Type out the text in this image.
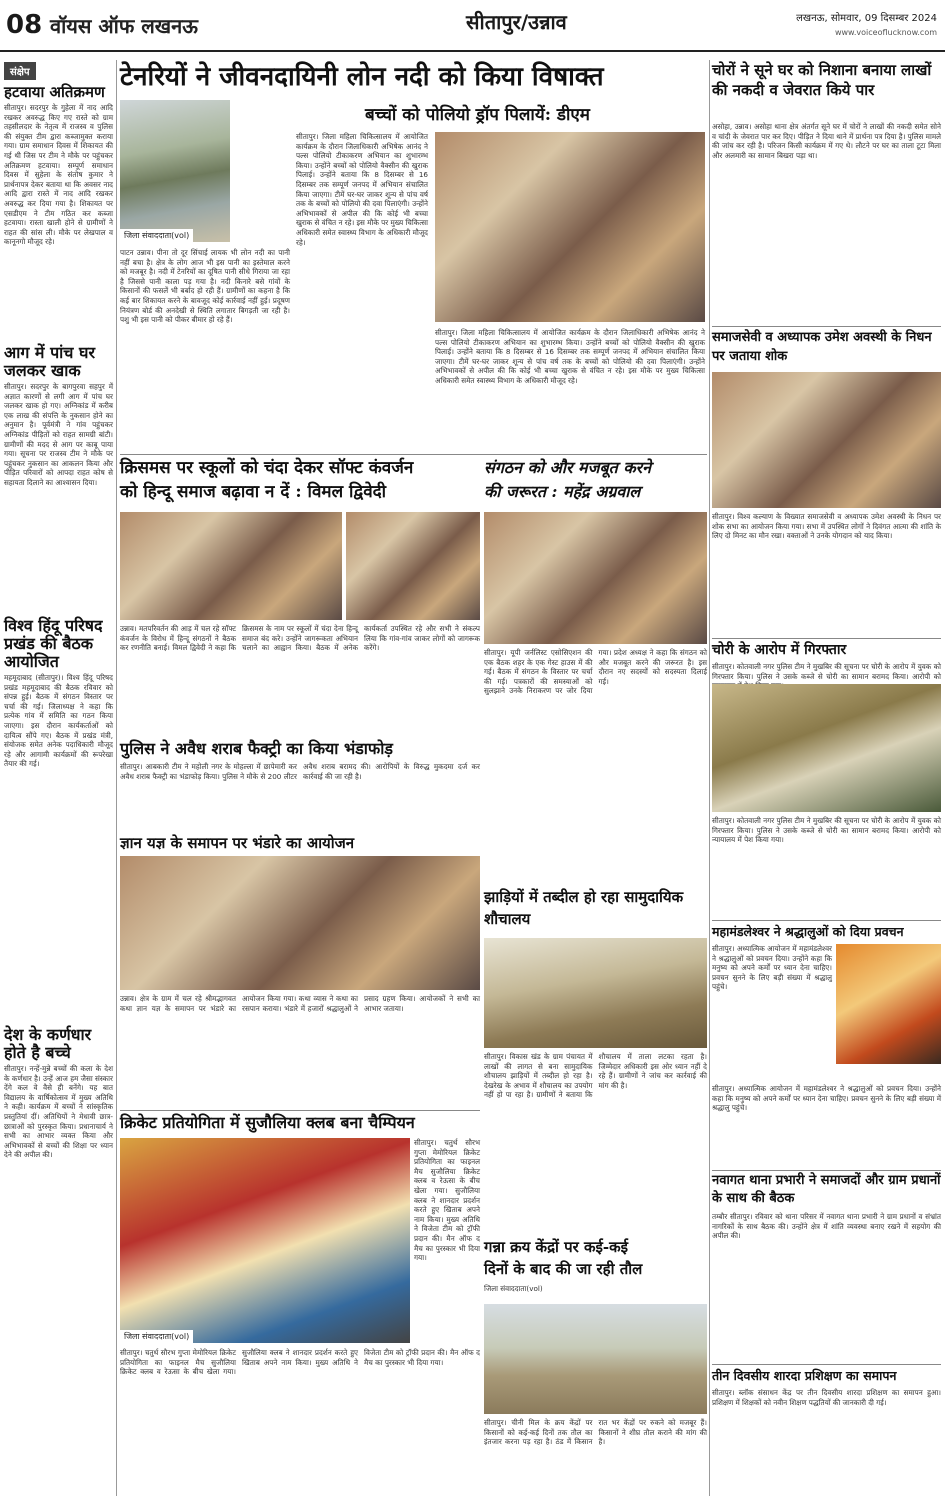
08 वॉयस ऑफ लखनऊ	सीतापुर/उन्नाव	लखनऊ, सोमवार, 09 दिसम्बर 2024
www.voiceoflucknow.com
संक्षेप
हटवाया अतिक्रमण
सीतापुर। सदरपुर के गुहेला में नाद आदि रखकर अवरुद्ध किए गए रास्ते को ग्राम तहसीलदार के नेतृत्व में राजस्व व पुलिस की संयुक्त टीम द्वारा कब्जामुक्त कराया गया। ग्राम समाधान दिवस में शिकायत की गई थी जिस पर टीम ने मौके पर पहुंचकर अतिक्रमण हटवाया। सम्पूर्ण समाधान दिवस में सुहेला के संतोष कुमार ने प्रार्थनापत्र देकर बताया था कि अवसर नाद आदि द्वारा रास्ते में नाद आदि रखकर अवरुद्ध कर दिया गया है। शिकायत पर एसडीएम ने टीम गठित कर कब्जा हटवाया। रास्ता खाली होने से ग्रामीणों ने राहत की सांस ली। मौके पर लेखपाल व कानूनगो मौजूद रहे।
आग में पांच घर जलकर खाक
सीतापुर। सदरपुर के बागपुरवा सहपुर में अज्ञात कारणों से लगी आग में पांच घर जलकर खाक हो गए। अग्निकांड में करीब एक लाख की संपत्ति के नुकसान होने का अनुमान है। पूर्वमंत्री ने गांव पहुंचकर अग्निकांड पीड़ितों को राहत सामग्री बांटी। ग्रामीणों की मदद से आग पर काबू पाया गया। सूचना पर राजस्व टीम ने मौके पर पहुंचकर नुकसान का आकलन किया और पीड़ित परिवारों को आपदा राहत कोष से सहायता दिलाने का आश्वासन दिया।
विश्व हिंदू परिषद प्रखंड की बैठक आयोजित
महमूदाबाद (सीतापुर)। विश्व हिंदू परिषद प्रखंड महमूदाबाद की बैठक रविवार को संपन्न हुई। बैठक में संगठन विस्तार पर चर्चा की गई। जिलाध्यक्ष ने कहा कि प्रत्येक गांव में समिति का गठन किया जाएगा। इस दौरान कार्यकर्ताओं को दायित्व सौंपे गए। बैठक में प्रखंड मंत्री, संयोजक समेत अनेक पदाधिकारी मौजूद रहे और आगामी कार्यक्रमों की रूपरेखा तैयार की गई।
देश के कर्णधार होते है बच्चे
सीतापुर। नन्हें-मुन्ने बच्चों की कला के देश के कर्णधार है। उन्हें आज हम जैसा संस्कार देंगे कल वे वैसे ही बनेंगे। यह बात विद्यालय के वार्षिकोत्सव में मुख्य अतिथि ने कही। कार्यक्रम में बच्चों ने सांस्कृतिक प्रस्तुतियां दीं। अतिथियों ने मेधावी छात्र-छात्राओं को पुरस्कृत किया। प्रधानाचार्य ने सभी का आभार व्यक्त किया और अभिभावकों से बच्चों की शिक्षा पर ध्यान देने की अपील की।
टेनरियों ने जीवनदायिनी लोन नदी को किया विषाक्त
जिला संवाददाता(vol)
पाटन उन्नाव। पीना तो दूर सिंचाई लायक भी लोन नदी का पानी नहीं बचा है। क्षेत्र के लोग आज भी इस पानी का इस्तेमाल करने को मजबूर है। नदी में टेनरियों का दूषित पानी सीधे गिराया जा रहा है जिससे पानी काला पड़ गया है। नदी किनारे बसे गांवों के किसानों की फसलें भी बर्बाद हो रही हैं। ग्रामीणों का कहना है कि कई बार शिकायत करने के बावजूद कोई कार्रवाई नहीं हुई। प्रदूषण नियंत्रण बोर्ड की अनदेखी से स्थिति लगातार बिगड़ती जा रही है। पशु भी इस पानी को पीकर बीमार हो रहे हैं।
बच्चों को पोलियो ड्रॉप पिलायें: डीएम
सीतापुर। जिला महिला चिकित्सालय में आयोजित कार्यक्रम के दौरान जिलाधिकारी अभिषेक आनंद ने पल्स पोलियो टीकाकरण अभियान का शुभारम्भ किया। उन्होंने बच्चों को पोलियो वैक्सीन की खुराक पिलाई। उन्होंने बताया कि 8 दिसम्बर से 16 दिसम्बर तक सम्पूर्ण जनपद में अभियान संचालित किया जाएगा। टीमें घर-घर जाकर शून्य से पांच वर्ष तक के बच्चों को पोलियो की दवा पिलाएंगी। उन्होंने अभिभावकों से अपील की कि कोई भी बच्चा खुराक से वंचित न रहे। इस मौके पर मुख्य चिकित्सा अधिकारी समेत स्वास्थ्य विभाग के अधिकारी मौजूद रहे।
सीतापुर। जिला महिला चिकित्सालय में आयोजित कार्यक्रम के दौरान जिलाधिकारी अभिषेक आनंद ने पल्स पोलियो टीकाकरण अभियान का शुभारम्भ किया। उन्होंने बच्चों को पोलियो वैक्सीन की खुराक पिलाई। उन्होंने बताया कि 8 दिसम्बर से 16 दिसम्बर तक सम्पूर्ण जनपद में अभियान संचालित किया जाएगा। टीमें घर-घर जाकर शून्य से पांच वर्ष तक के बच्चों को पोलियो की दवा पिलाएंगी। उन्होंने अभिभावकों से अपील की कि कोई भी बच्चा खुराक से वंचित न रहे। इस मौके पर मुख्य चिकित्सा अधिकारी समेत स्वास्थ्य विभाग के अधिकारी मौजूद रहे।
क्रिसमस पर स्कूलों को चंदा देकर सॉफ्ट कंवर्जन
को हिन्दू समाज बढ़ावा न दें : विमल द्विवेदी
उन्नाव। मतपरिवर्तन की आड़ में चल रहे सॉफ्ट कंवर्जन के विरोध में हिन्दू संगठनों ने बैठक कर रणनीति बनाई। विमल द्विवेदी ने कहा कि क्रिसमस के नाम पर स्कूलों में चंदा देना हिन्दू समाज बंद करे। उन्होंने जागरूकता अभियान चलाने का आह्वान किया। बैठक में अनेक कार्यकर्ता उपस्थित रहे और सभी ने संकल्प लिया कि गांव-गांव जाकर लोगों को जागरूक करेंगे।
संगठन को और मजबूत करने
की जरूरत : महेंद्र अग्रवाल
सीतापुर। यूपी जर्नलिस्ट एसोसिएशन की एक बैठक शहर के एक गेस्ट हाउस में की गई। बैठक में संगठन के विस्तार पर चर्चा की गई। पत्रकारों की समस्याओं को सुलझाने उनके निराकरण पर जोर दिया गया। प्रदेश अध्यक्ष ने कहा कि संगठन को और मजबूत करने की जरूरत है। इस दौरान नए सदस्यों को सदस्यता दिलाई गई।
पुलिस ने अवैध शराब फैक्ट्री का किया भंडाफोड़
सीतापुर। आबकारी टीम ने महोली नगर के मोहल्ला में छापेमारी कर अवैध शराब फैक्ट्री का भंडाफोड़ किया। पुलिस ने मौके से 200 लीटर अवैध शराब बरामद की। आरोपियों के विरुद्ध मुकदमा दर्ज कर कार्रवाई की जा रही है।
ज्ञान यज्ञ के समापन पर भंडारे का आयोजन
उन्नाव। क्षेत्र के ग्राम में चल रहे श्रीमद्भागवत कथा ज्ञान यज्ञ के समापन पर भंडारे का आयोजन किया गया। कथा व्यास ने कथा का रसपान कराया। भंडारे में हजारों श्रद्धालुओं ने प्रसाद ग्रहण किया। आयोजकों ने सभी का आभार जताया।
झाड़ियों में तब्दील हो रहा सामुदायिक शौचालय
सीतापुर। विकास खंड के ग्राम पंचायत में लाखों की लागत से बना सामुदायिक शौचालय झाड़ियों में तब्दील हो रहा है। देखरेख के अभाव में शौचालय का उपयोग नहीं हो पा रहा है। ग्रामीणों ने बताया कि शौचालय में ताला लटका रहता है। जिम्मेदार अधिकारी इस ओर ध्यान नहीं दे रहे हैं। ग्रामीणों ने जांच कर कार्रवाई की मांग की है।
क्रिकेट प्रतियोगिता में सुजौलिया क्लब बना चैम्पियन
जिला संवाददाता(vol)
सीतापुर। चतुर्थ सौरभ गुप्ता मेमोरियल क्रिकेट प्रतियोगिता का फाइनल मैच सुजौलिया क्रिकेट क्लब व रेऊसा के बीच खेला गया। सुजौलिया क्लब ने शानदार प्रदर्शन करते हुए खिताब अपने नाम किया। मुख्य अतिथि ने विजेता टीम को ट्रॉफी प्रदान की। मैन ऑफ द मैच का पुरस्कार भी दिया गया।
सीतापुर। चतुर्थ सौरभ गुप्ता मेमोरियल क्रिकेट प्रतियोगिता का फाइनल मैच सुजौलिया क्रिकेट क्लब व रेऊसा के बीच खेला गया। सुजौलिया क्लब ने शानदार प्रदर्शन करते हुए खिताब अपने नाम किया। मुख्य अतिथि ने विजेता टीम को ट्रॉफी प्रदान की। मैन ऑफ द मैच का पुरस्कार भी दिया गया।
गन्ना क्रय केंद्रों पर कई-कई
दिनों के बाद की जा रही तौल
जिला संवाददाता(vol)
सीतापुर। चीनी मिल के क्रय केंद्रों पर किसानों को कई-कई दिनों तक तौल का इंतजार करना पड़ रहा है। ठंड में किसान रात भर केंद्रों पर रुकने को मजबूर हैं। किसानों ने शीघ्र तौल कराने की मांग की है।
चोरों ने सूने घर को निशाना बनाया लाखों की नकदी व जेवरात किये पार
असोहा, उन्नाव। असोहा थाना क्षेत्र अंतर्गत सूने घर में चोरों ने लाखों की नकदी समेत सोने व चांदी के जेवरात पार कर दिए। पीड़ित ने दिया थाने में प्रार्थना पत्र दिया है। पुलिस मामले की जांच कर रही है। परिजन किसी कार्यक्रम में गए थे। लौटने पर घर का ताला टूटा मिला और अलमारी का सामान बिखरा पड़ा था।
समाजसेवी व अध्यापक उमेश अवस्थी के निधन पर जताया शोक
सीतापुर। विश्व कल्याण के विख्यात समाजसेवी व अध्यापक उमेश अवस्थी के निधन पर शोक सभा का आयोजन किया गया। सभा में उपस्थित लोगों ने दिवंगत आत्मा की शांति के लिए दो मिनट का मौन रखा। वक्ताओं ने उनके योगदान को याद किया।
चोरी के आरोप में गिरफ्तार
सीतापुर। कोतवाली नगर पुलिस टीम ने मुखबिर की सूचना पर चोरी के आरोप में युवक को गिरफ्तार किया। पुलिस ने उसके कब्जे से चोरी का सामान बरामद किया। आरोपी को
सीतापुर। कोतवाली नगर पुलिस टीम ने मुखबिर की सूचना पर चोरी के आरोप में युवक को गिरफ्तार किया। पुलिस ने उसके कब्जे से चोरी का सामान बरामद किया। आरोपी को न्यायालय में पेश किया गया।
महामंडलेश्वर ने श्रद्धालुओं को दिया प्रवचन
सीतापुर। अध्यात्मिक आयोजन में महामंडलेश्वर ने श्रद्धालुओं को प्रवचन दिया। उन्होंने कहा कि मनुष्य को अपने कर्मों पर ध्यान देना चाहिए। प्रवचन सुनने के लिए बड़ी संख्या में श्रद्धालु पहुंचे।
सीतापुर। अध्यात्मिक आयोजन में महामंडलेश्वर ने श्रद्धालुओं को प्रवचन दिया। उन्होंने कहा कि मनुष्य को अपने कर्मों पर ध्यान देना चाहिए। प्रवचन सुनने के लिए बड़ी संख्या में श्रद्धालु पहुंचे।
नवागत थाना प्रभारी ने समाजदों और ग्राम प्रधानों के साथ की बैठक
तम्बौर सीतापुर। रविवार को थाना परिसर में नवागत थाना प्रभारी ने ग्राम प्रधानों व संभ्रांत नागरिकों के साथ बैठक की। उन्होंने क्षेत्र में शांति व्यवस्था बनाए रखने में सहयोग की अपील की।
तीन दिवसीय शारदा प्रशिक्षण का समापन
सीतापुर। ब्लॉक संसाधन केंद्र पर तीन दिवसीय शारदा प्रशिक्षण का समापन हुआ। प्रशिक्षण में शिक्षकों को नवीन शिक्षण पद्धतियों की जानकारी दी गई।
